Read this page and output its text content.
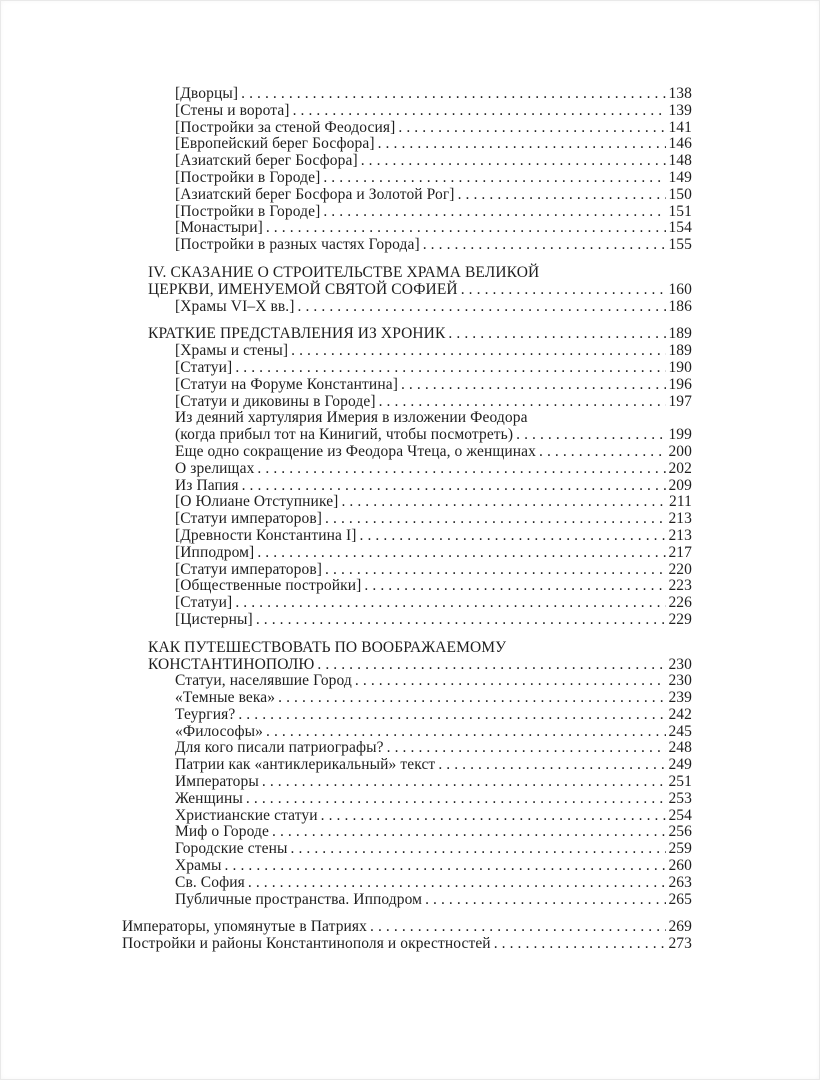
[Дворцы] . . .	138
[Стены и ворота] . . .	139
[Постройки за стеной Феодосия] . . .	141
[Европейский берег Босфора] . . .	146
[Азиатский берег Босфора] . . .	148
[Постройки в Городе] . . .	149
[Азиатский берег Босфора и Золотой Рог] . . .	150
[Постройки в Городе] . . .	151
[Монастыри] . . .	154
[Постройки в разных частях Города] . . .	155
IV. СКАЗАНИЕ О СТРОИТЕЛЬСТВЕ ХРАМА ВЕЛИКОЙ
ЦЕРКВИ, ИМЕНУЕМОЙ СВЯТОЙ СОФИЕЙ . . .	160
[Храмы VI–X вв.] . . .	186
КРАТКИЕ ПРЕДСТАВЛЕНИЯ ИЗ ХРОНИК . . .	189
[Храмы и стены] . . .	189
[Статуи] . . .	190
[Статуи на Форуме Константина] . . .	196
[Статуи и диковины в Городе] . . .	197
Из деяний хартулярия Имерия в изложении Феодора
(когда прибыл тот на Кинигий, чтобы посмотреть) . . .	199
Еще одно сокращение из Феодора Чтеца, о женщинах . . .	200
О зрелищах . . .	202
Из Папия . . .	209
[О Юлиане Отступнике] . . .	211
[Статуи императоров] . . .	213
[Древности Константина I] . . .	213
[Ипподром] . . .	217
[Статуи императоров] . . .	220
[Общественные постройки] . . .	223
[Статуи] . . .	226
[Цистерны] . . .	229
КАК ПУТЕШЕСТВОВАТЬ ПО ВООБРАЖАЕМОМУ
КОНСТАНТИНОПОЛЮ . . .	230
Статуи, населявшие Город . . .	230
«Темные века» . . .	239
Теургия? . . .	242
«Философы» . . .	245
Для кого писали патриографы? . . .	248
Патрии как «антиклерикальный» текст . . .	249
Императоры . . .	251
Женщины . . .	253
Христианские статуи . . .	254
Миф о Городе . . .	256
Городские стены . . .	259
Храмы . . .	260
Св. София . . .	263
Публичные пространства. Ипподром . . .	265
Императоры, упомянутые в Патриях . . .	269
Постройки и районы Константинополя и окрестностей . . .	273
